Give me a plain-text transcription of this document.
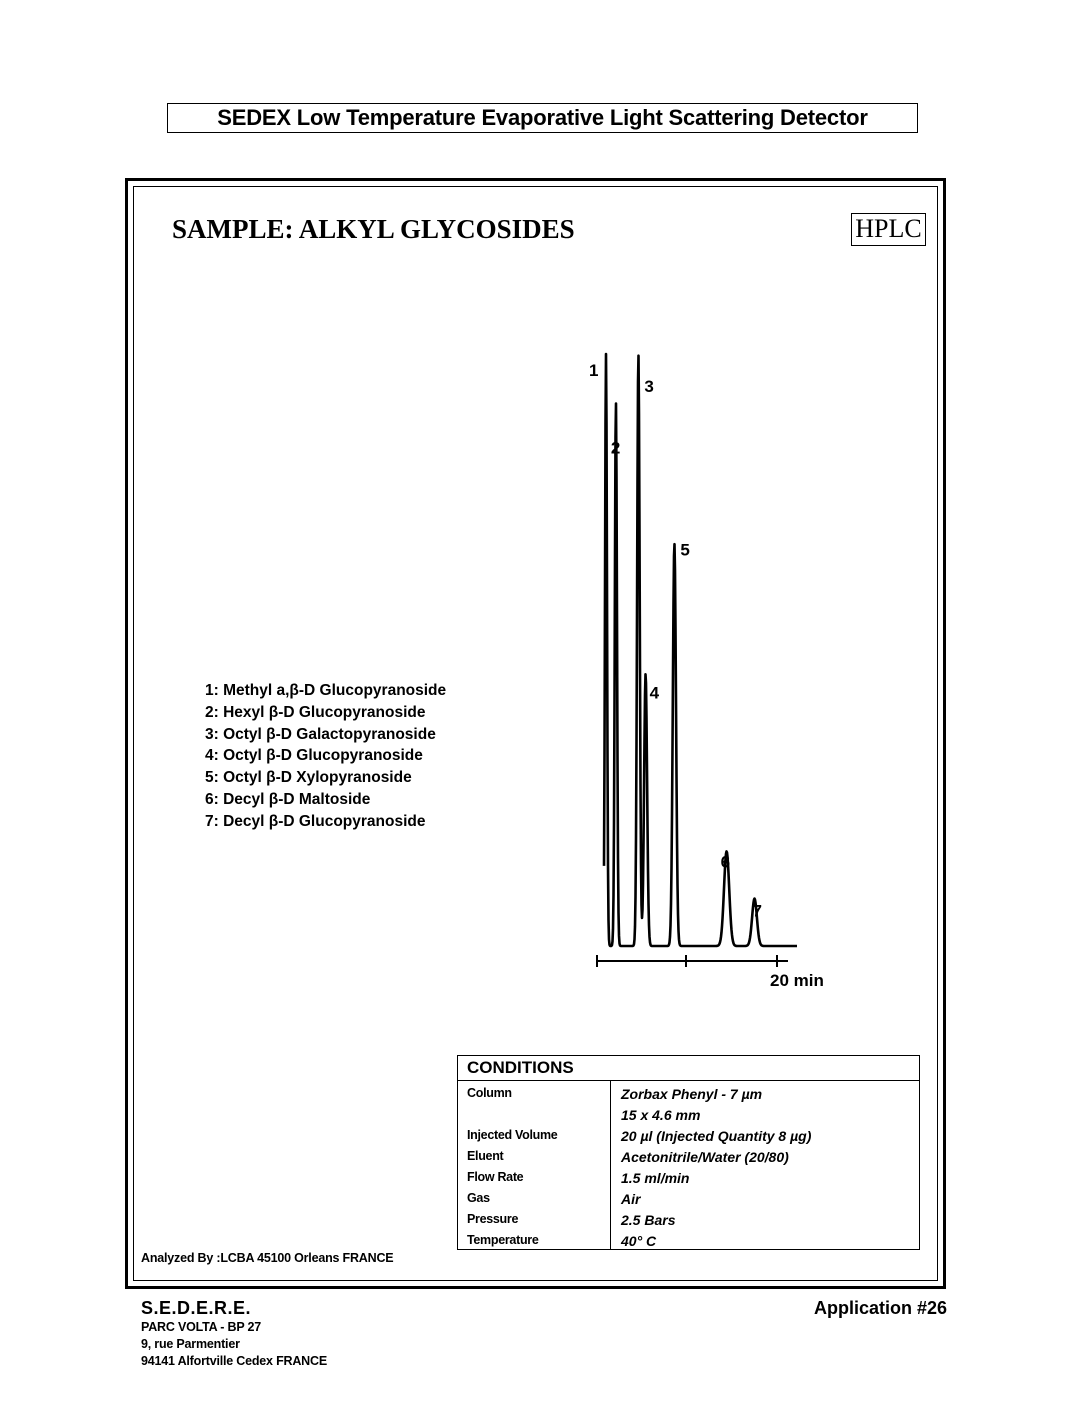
SEDEX Low Temperature Evaporative Light Scattering Detector
SAMPLE: ALKYL GLYCOSIDES	HPLC
1: Methyl a,β-D Glucopyranoside
2: Hexyl β-D Glucopyranoside
3: Octyl β-D Galactopyranoside
4: Octyl β-D Glucopyranoside
5: Octyl β-D Xylopyranoside
6: Decyl β-D Maltoside
7: Decyl β-D Glucopyranoside
1
2
3
4
5
6
7
20 min
CONDITIONS
Column	Zorbax Phenyl - 7 µm
15 x 4.6 mm
Injected Volume	20 µl (Injected Quantity 8 µg)
Eluent	Acetonitrile/Water (20/80)
Flow Rate	1.5 ml/min
Gas	Air
Pressure	2.5 Bars
Temperature	40° C
Analyzed By :LCBA 45100 Orleans FRANCE
S.E.D.E.R.E.
PARC VOLTA - BP 27
9, rue Parmentier
94141 Alfortville Cedex FRANCE
Application #26
